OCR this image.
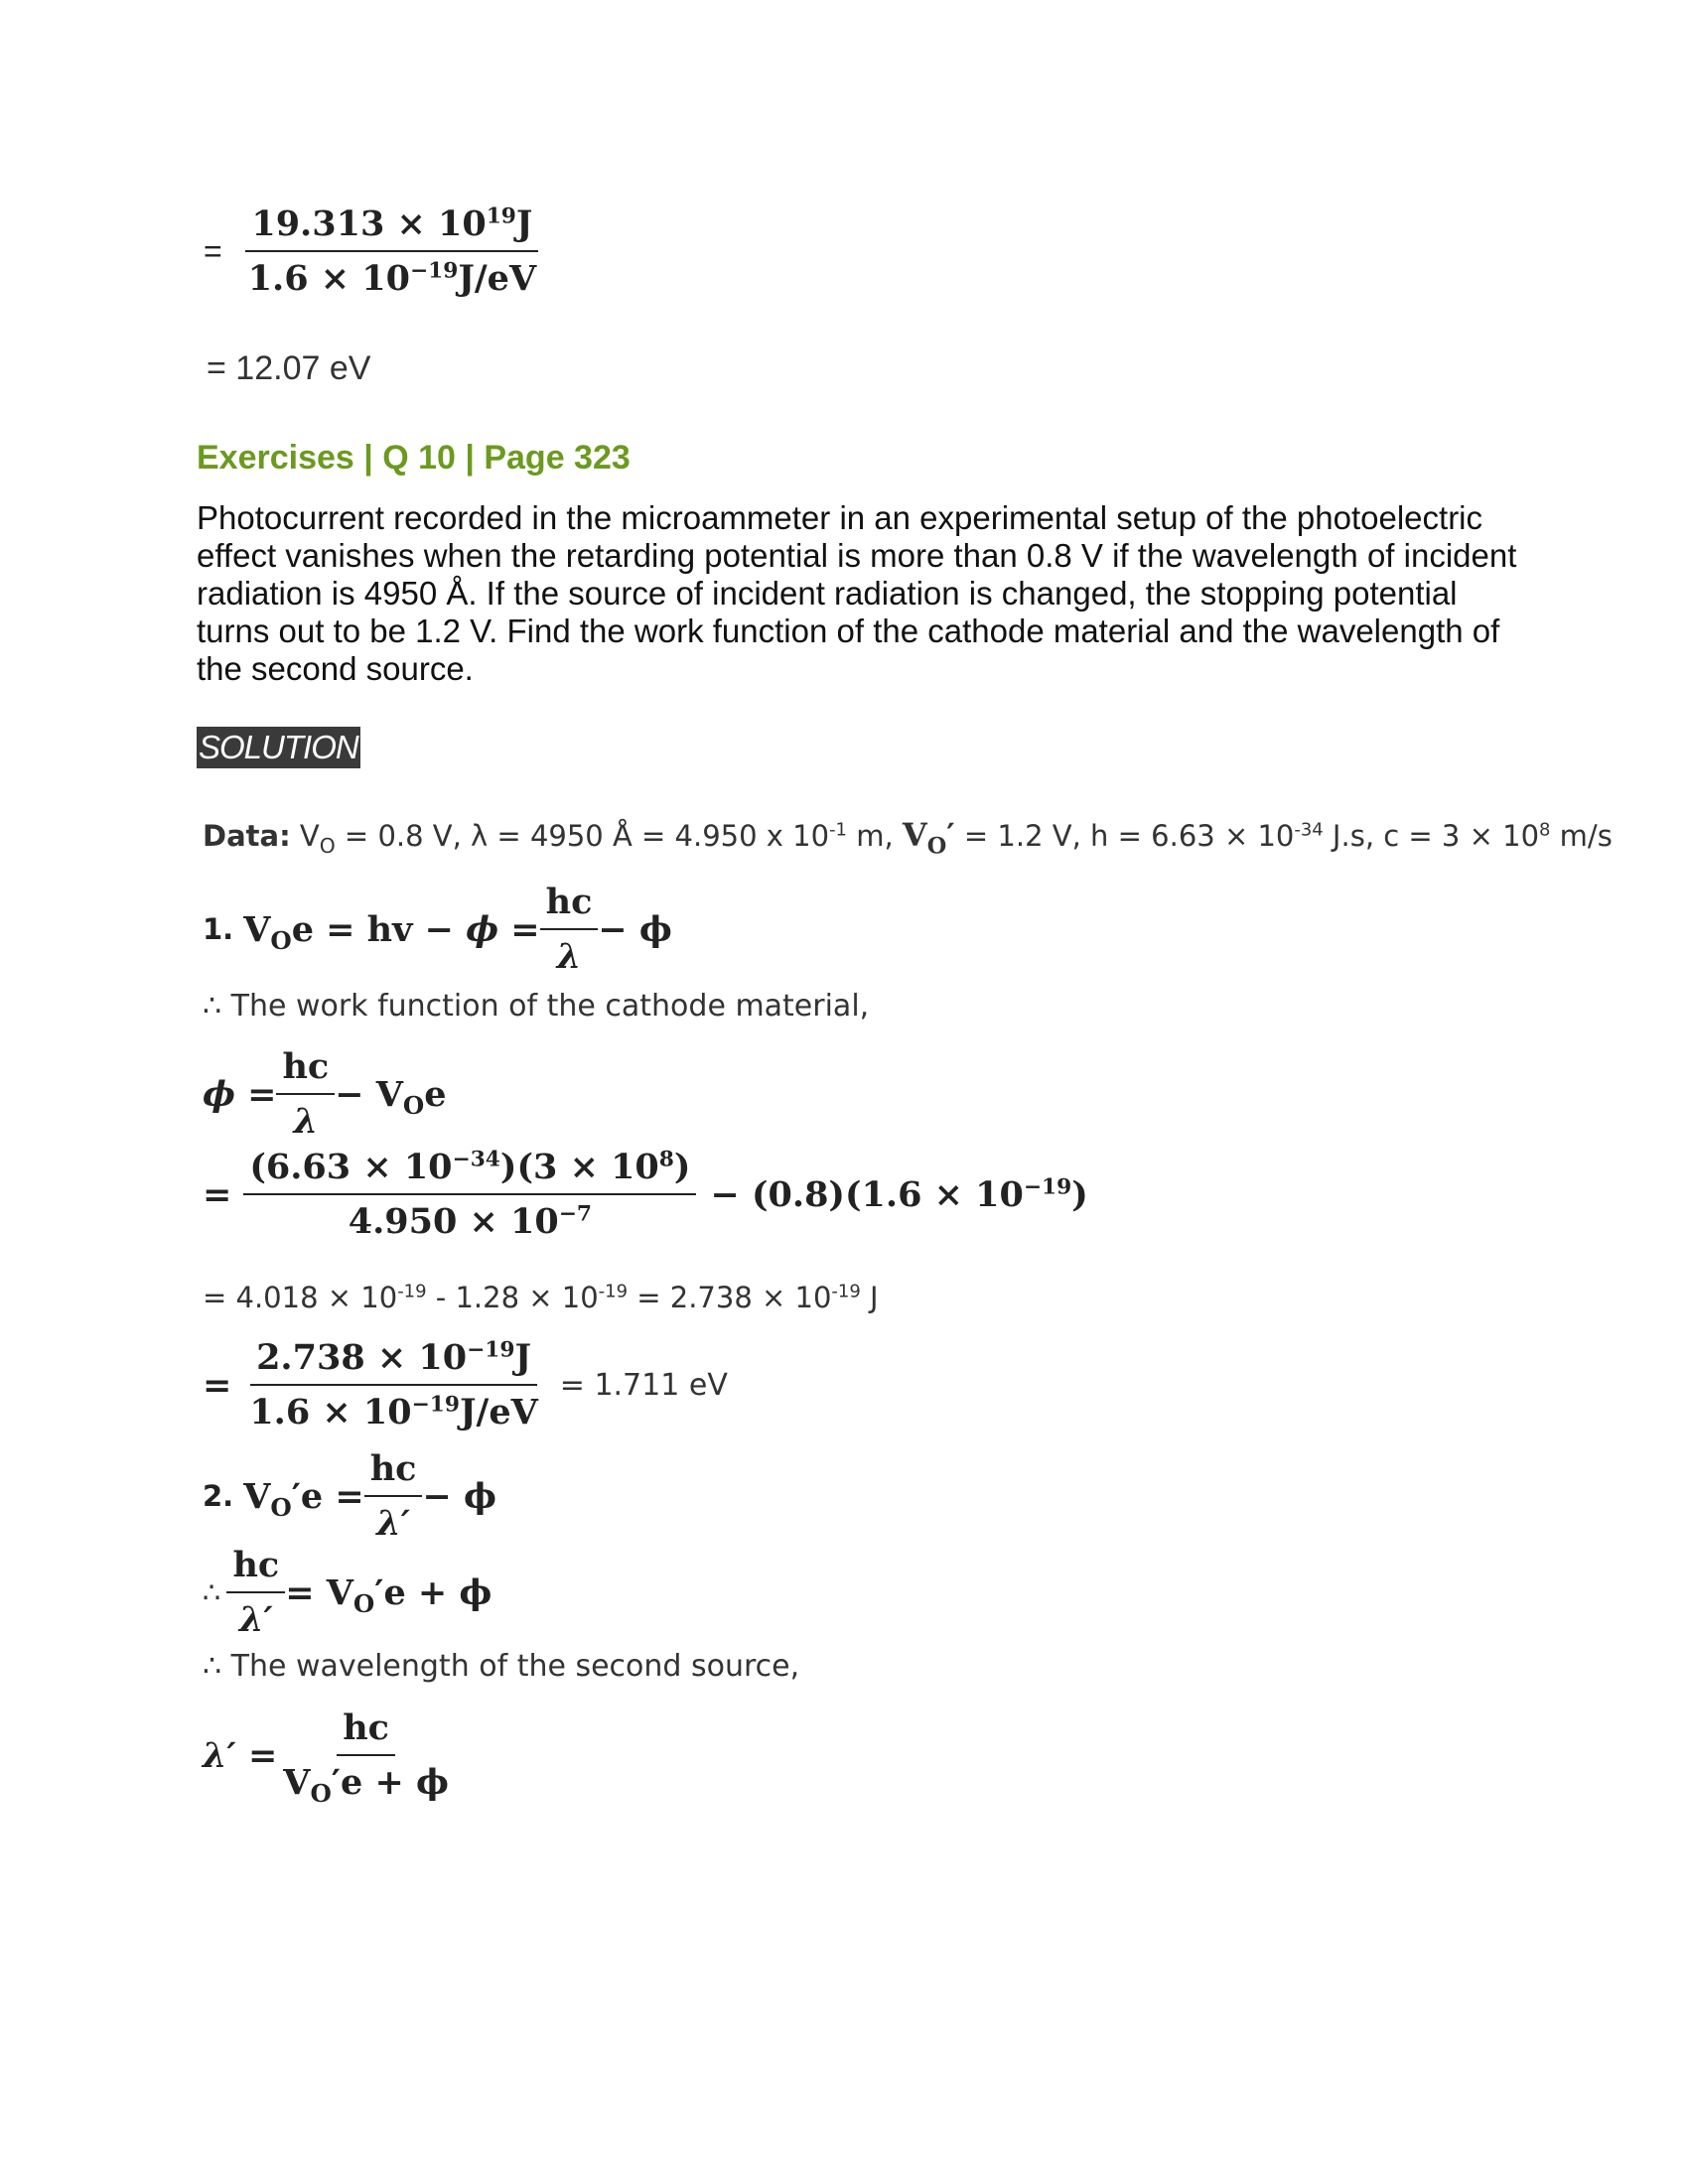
= $\frac{19.313 \times 10^{19}J}{1.6 \times 10^{-19}J/eV}$
= 12.07 eV
Exercises | Q 10 | Page 323
Photocurrent recorded in the microammeter in an experimental setup of the photoelectric effect vanishes when the retarding potential is more than 0.8 V if the wavelength of incident radiation is 4950 Å. If the source of incident radiation is changed, the stopping potential turns out to be 1.2 V. Find the work function of the cathode material and the wavelength of the second source.
SOLUTION
Data: $V_O = 0.8$ V, λ = 4950 Å = 4.950 x $10^{-1}$ m, $V_O' = 1.2$ V, $h = 6.63 \times 10^{-34}$ J.s, $c = 3 \times 10^8$ m/s
1. $V_Oe$ = hv − $\phi = \frac{hc}{\lambda} - \phi$
∴ The work function of the cathode material,
$\phi = \frac{hc}{\lambda} - V_Oe$
= $\frac{(6.63 \times 10^{-34})(3 \times 10^8)}{4.950 \times 10^{-7}} - (0.8)(1.6 \times 10^{-19})$
= $4.018 \times 10^{-19} - 1.28 \times 10^{-19} = 2.738 \times 10^{-19}$ J
= $\frac{2.738 \times 10^{-19}J}{1.6 \times 10^{-19}J/eV} = 1.711$ eV
2. $V_O'e = \frac{hc}{\lambda'} - \phi$
∴ $\frac{hc}{\lambda'} = V_O'e + \phi$
∴ The wavelength of the second source,
$\lambda' = \frac{hc}{V_O'e + \phi}$
